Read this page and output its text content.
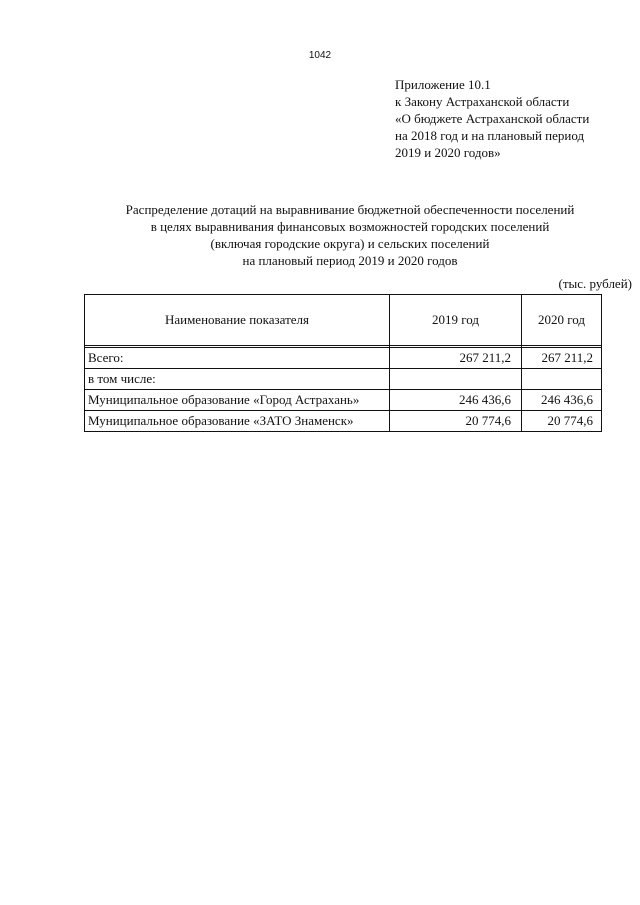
1042
Приложение 10.1
к Закону Астраханской области
«О бюджете Астраханской области
на 2018 год и на плановый период
2019 и 2020 годов»
Распределение дотаций на выравнивание бюджетной обеспеченности поселений
в целях выравнивания финансовых возможностей городских поселений
(включая городские округа) и сельских поселений
на плановый период 2019 и 2020 годов
(тыс. рублей)
Наименование показателя	2019 год	2020 год

Всего:	267 211,2	267 211,2
в том числе:		
Муниципальное образование «Город Астрахань»	246 436,6	246 436,6
Муниципальное образование «ЗАТО Знаменск»	20 774,6	20 774,6
